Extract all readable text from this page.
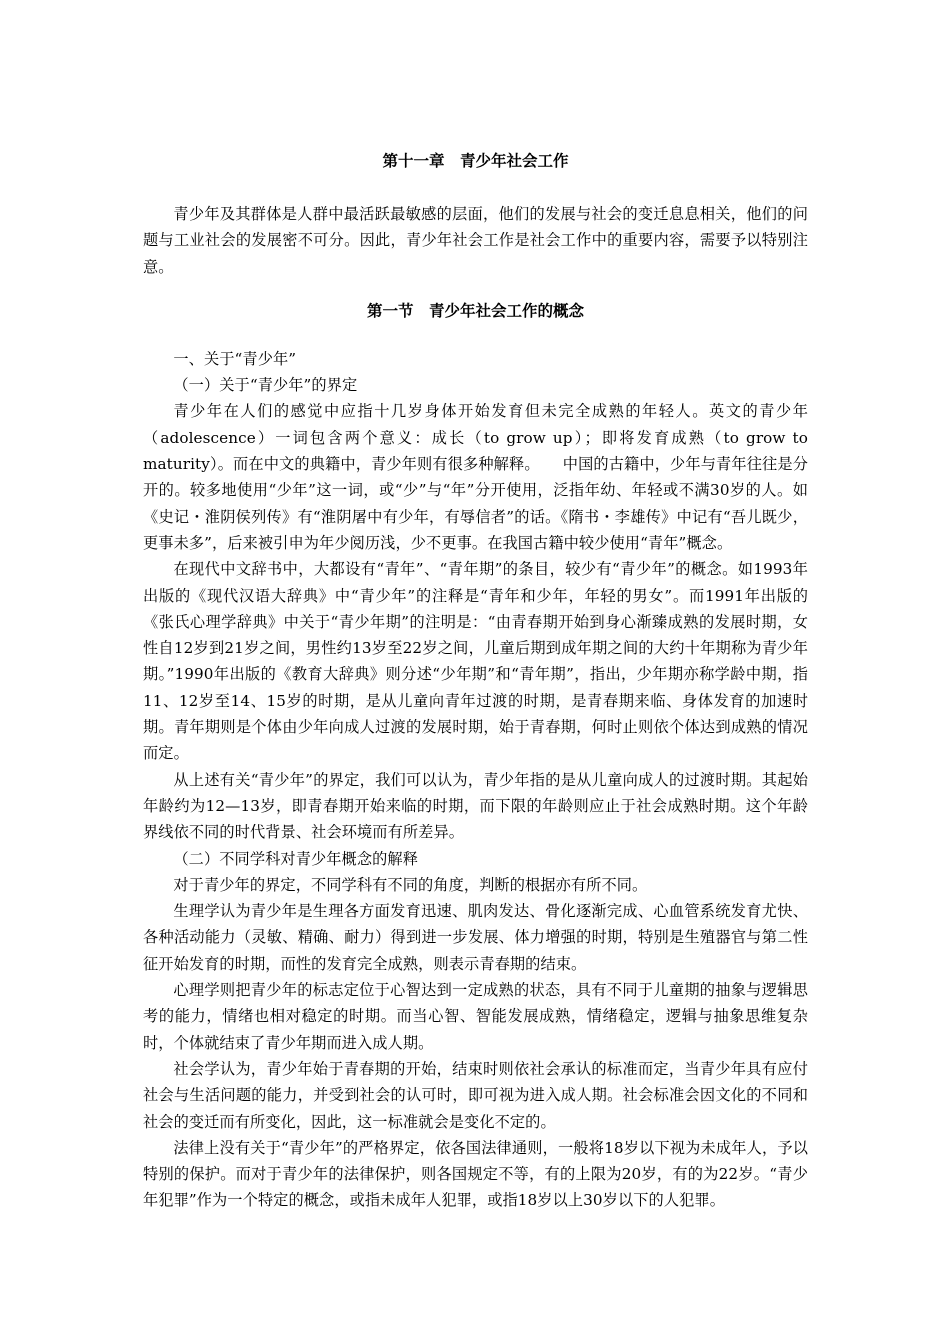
第十一章　青少年社会工作

青少年及其群体是人群中最活跃最敏感的层面，他们的发展与社会的变迁息息相关，他们的问题与工业社会的发展密不可分。因此，青少年社会工作是社会工作中的重要内容，需要予以特别注意。

第一节　青少年社会工作的概念

一、关于“青少年”

（一）关于“青少年”的界定

青少年在人们的感觉中应指十几岁身体开始发育但未完全成熟的年轻人。英文的青少年（adolescence）一词包含两个意义：成长（to grow up）；即将发育成熟（to grow to maturity）。而在中文的典籍中，青少年则有很多种解释。　　中国的古籍中，少年与青年往往是分开的。较多地使用“少年”这一词，或“少”与“年”分开使用，泛指年幼、年轻或不满30岁的人。如《史记・淮阴侯列传》有“淮阴屠中有少年，有辱信者”的话。《隋书・李雄传》中记有“吾儿既少，更事未多”，后来被引申为年少阅历浅，少不更事。在我国古籍中较少使用“青年”概念。

在现代中文辞书中，大都设有“青年”、“青年期”的条目，较少有“青少年”的概念。如1993年出版的《现代汉语大辞典》中“青少年”的注释是“青年和少年，年轻的男女”。而1991年出版的《张氏心理学辞典》中关于“青少年期”的注明是：“由青春期开始到身心渐臻成熟的发展时期，女性自12岁到21岁之间，男性约13岁至22岁之间，儿童后期到成年期之间的大约十年期称为青少年期。”1990年出版的《教育大辞典》则分述“少年期”和“青年期”，指出，少年期亦称学龄中期，指11、12岁至14、15岁的时期，是从儿童向青年过渡的时期，是青春期来临、身体发育的加速时期。青年期则是个体由少年向成人过渡的发展时期，始于青春期，何时止则依个体达到成熟的情况而定。

从上述有关“青少年”的界定，我们可以认为，青少年指的是从儿童向成人的过渡时期。其起始年龄约为12—13岁，即青春期开始来临的时期，而下限的年龄则应止于社会成熟时期。这个年龄界线依不同的时代背景、社会环境而有所差异。

（二）不同学科对青少年概念的解释

对于青少年的界定，不同学科有不同的角度，判断的根据亦有所不同。

生理学认为青少年是生理各方面发育迅速、肌肉发达、骨化逐渐完成、心血管系统发育尤快、各种活动能力（灵敏、精确、耐力）得到进一步发展、体力增强的时期，特别是生殖器官与第二性征开始发育的时期，而性的发育完全成熟，则表示青春期的结束。

心理学则把青少年的标志定位于心智达到一定成熟的状态，具有不同于儿童期的抽象与逻辑思考的能力，情绪也相对稳定的时期。而当心智、智能发展成熟，情绪稳定，逻辑与抽象思维复杂时，个体就结束了青少年期而进入成人期。

社会学认为，青少年始于青春期的开始，结束时则依社会承认的标准而定，当青少年具有应付社会与生活问题的能力，并受到社会的认可时，即可视为进入成人期。社会标准会因文化的不同和社会的变迁而有所变化，因此，这一标准就会是变化不定的。

法律上没有关于“青少年”的严格界定，依各国法律通则，一般将18岁以下视为未成年人，予以特别的保护。而对于青少年的法律保护，则各国规定不等，有的上限为20岁，有的为22岁。“青少年犯罪”作为一个特定的概念，或指未成年人犯罪，或指18岁以上30岁以下的人犯罪。
